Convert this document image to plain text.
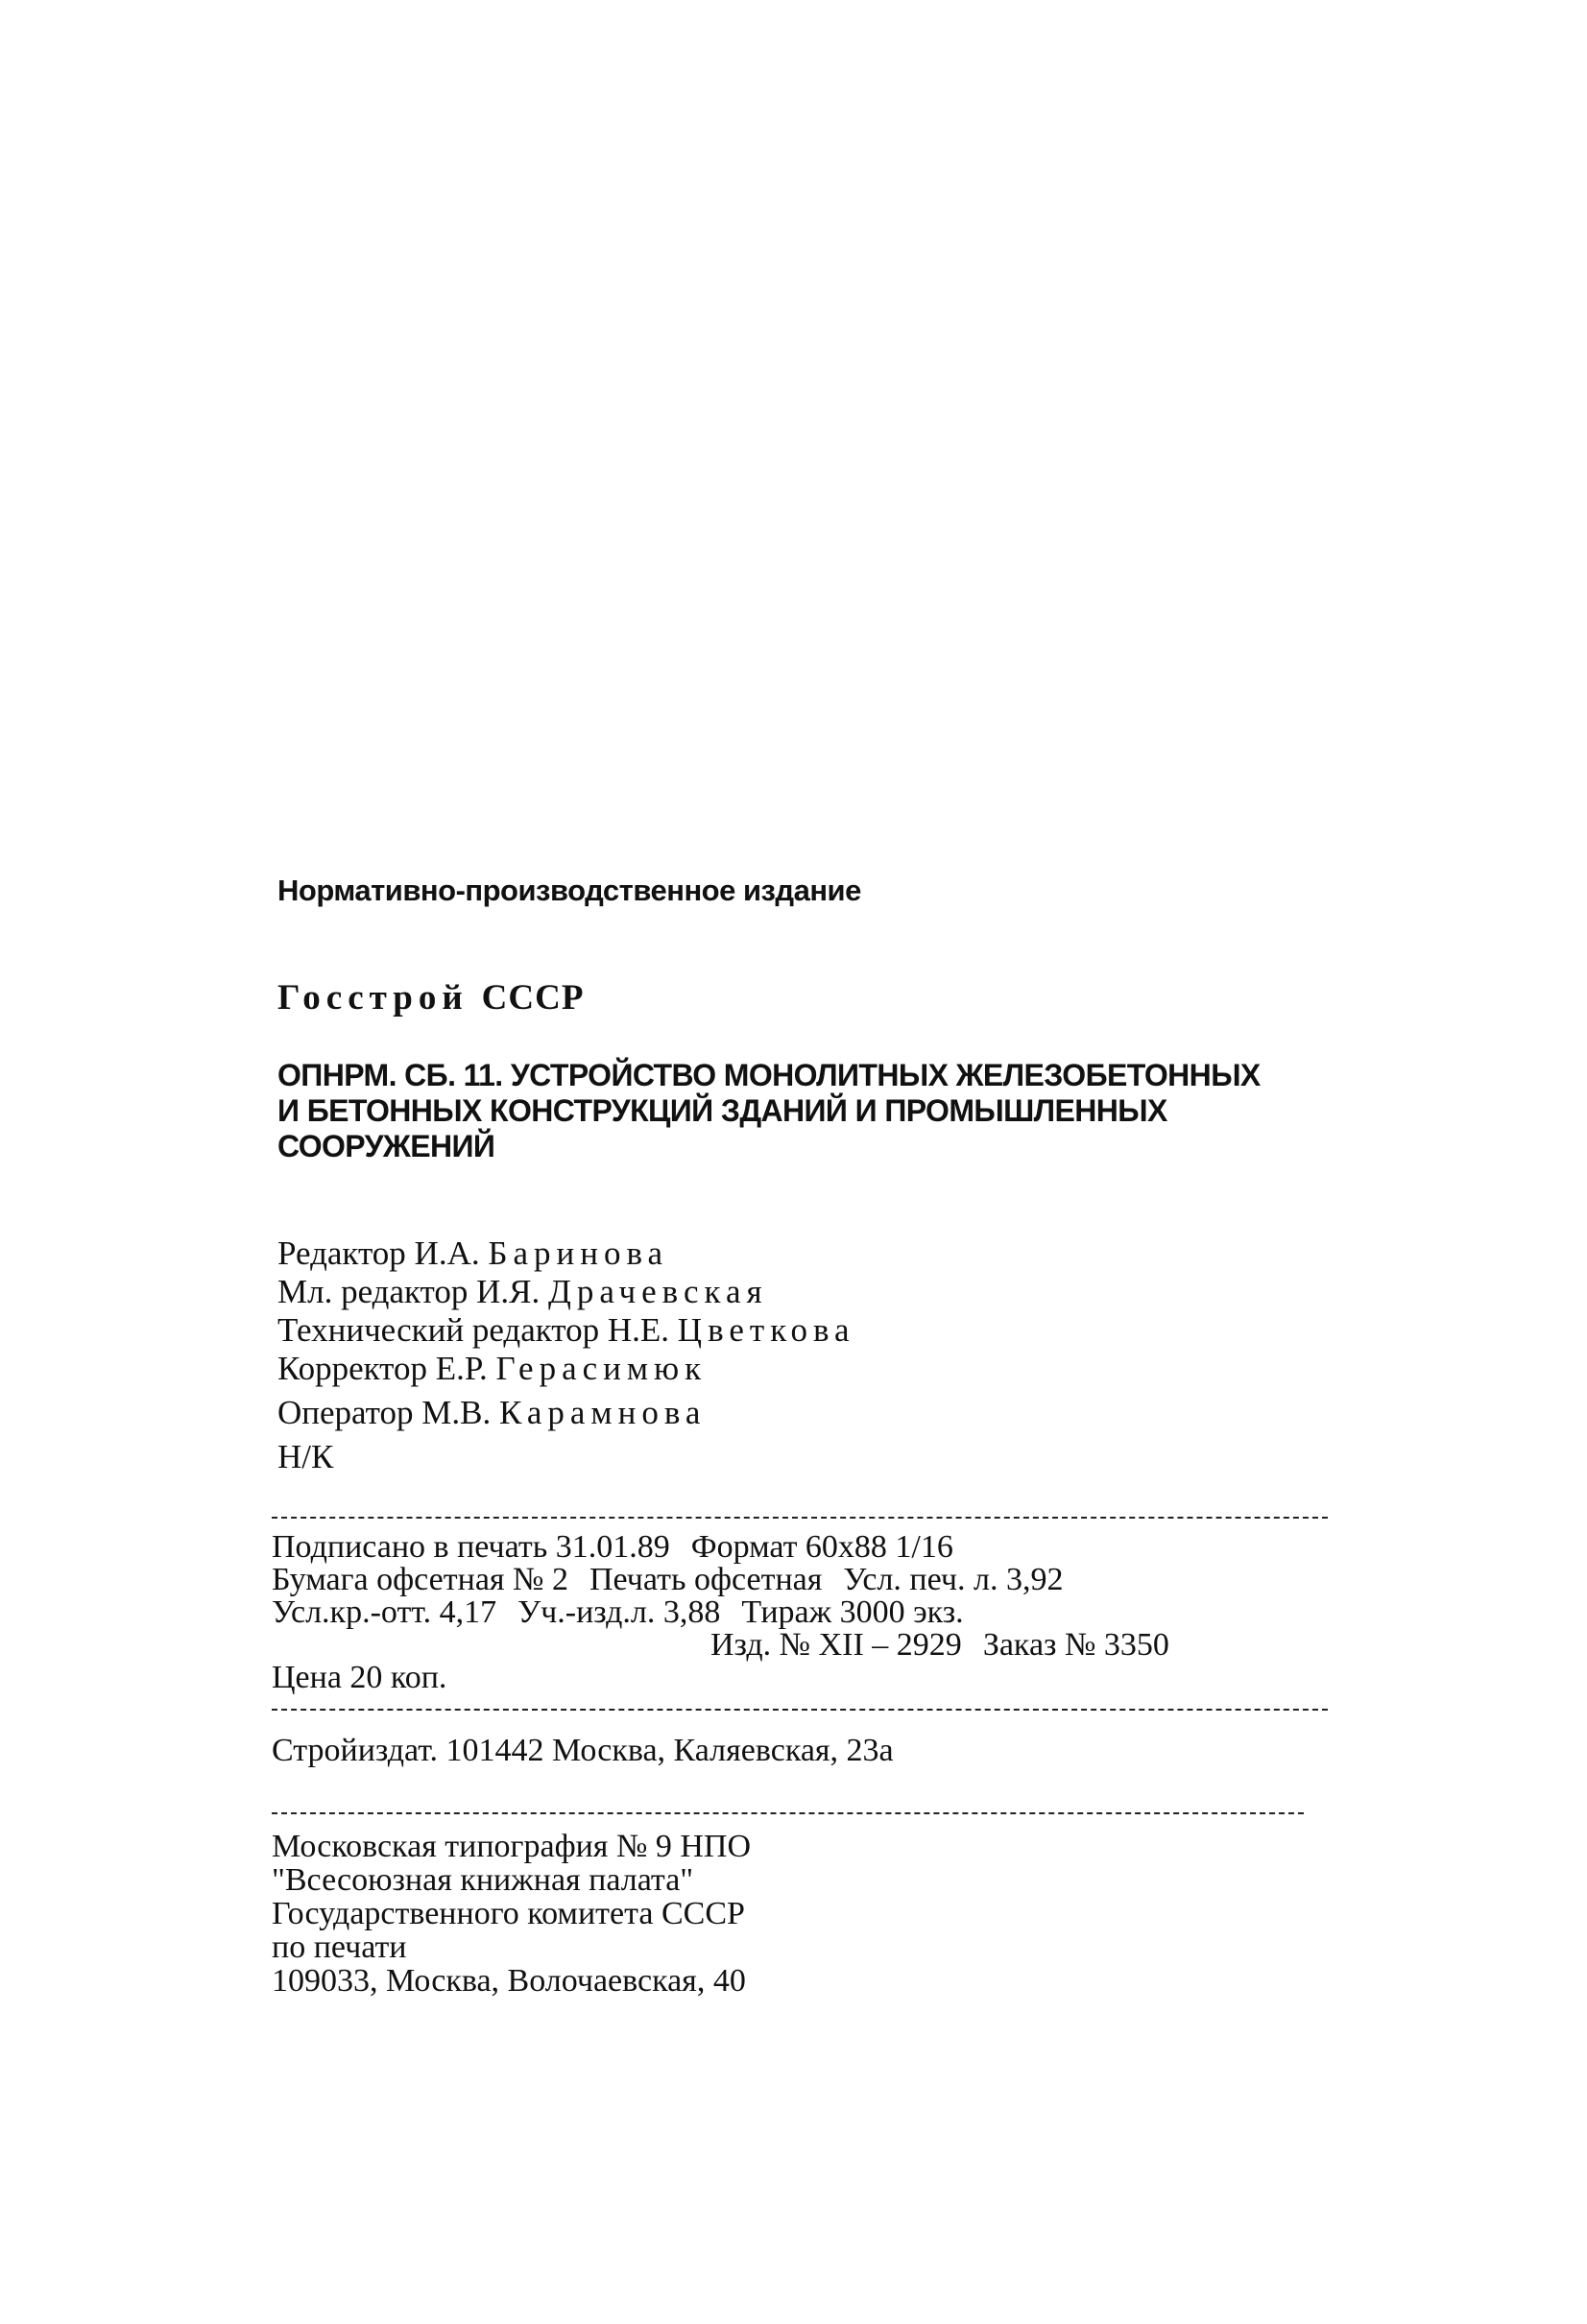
Нормативно-производственное издание
Госстрой СССР
ОПНРМ. СБ. 11. УСТРОЙСТВО МОНОЛИТНЫХ ЖЕЛЕЗОБЕТОННЫХ
И БЕТОННЫХ КОНСТРУКЦИЙ ЗДАНИЙ И ПРОМЫШЛЕННЫХ
СООРУЖЕНИЙ
Редактор И.А. Баринова
Мл. редактор И.Я. Драчевская
Технический редактор Н.Е. Цветкова
Корректор Е.Р. Герасимюк
Оператор М.В. Карамнова
Н/К
Подписано в печать 31.01.89 Формат 60х88 1/16
Бумага офсетная № 2 Печать офсетная Усл. печ. л. 3,92
Усл.кр.-отт. 4,17 Уч.-изд.л. 3,88 Тираж 3000 экз.
Изд. № XII – 2929 Заказ № 3350
Цена 20 коп.
Стройиздат. 101442 Москва, Каляевская, 23а
Московская типография № 9 НПО
"Всесоюзная книжная палата"
Государственного комитета СССР
по печати
109033, Москва, Волочаевская, 40
